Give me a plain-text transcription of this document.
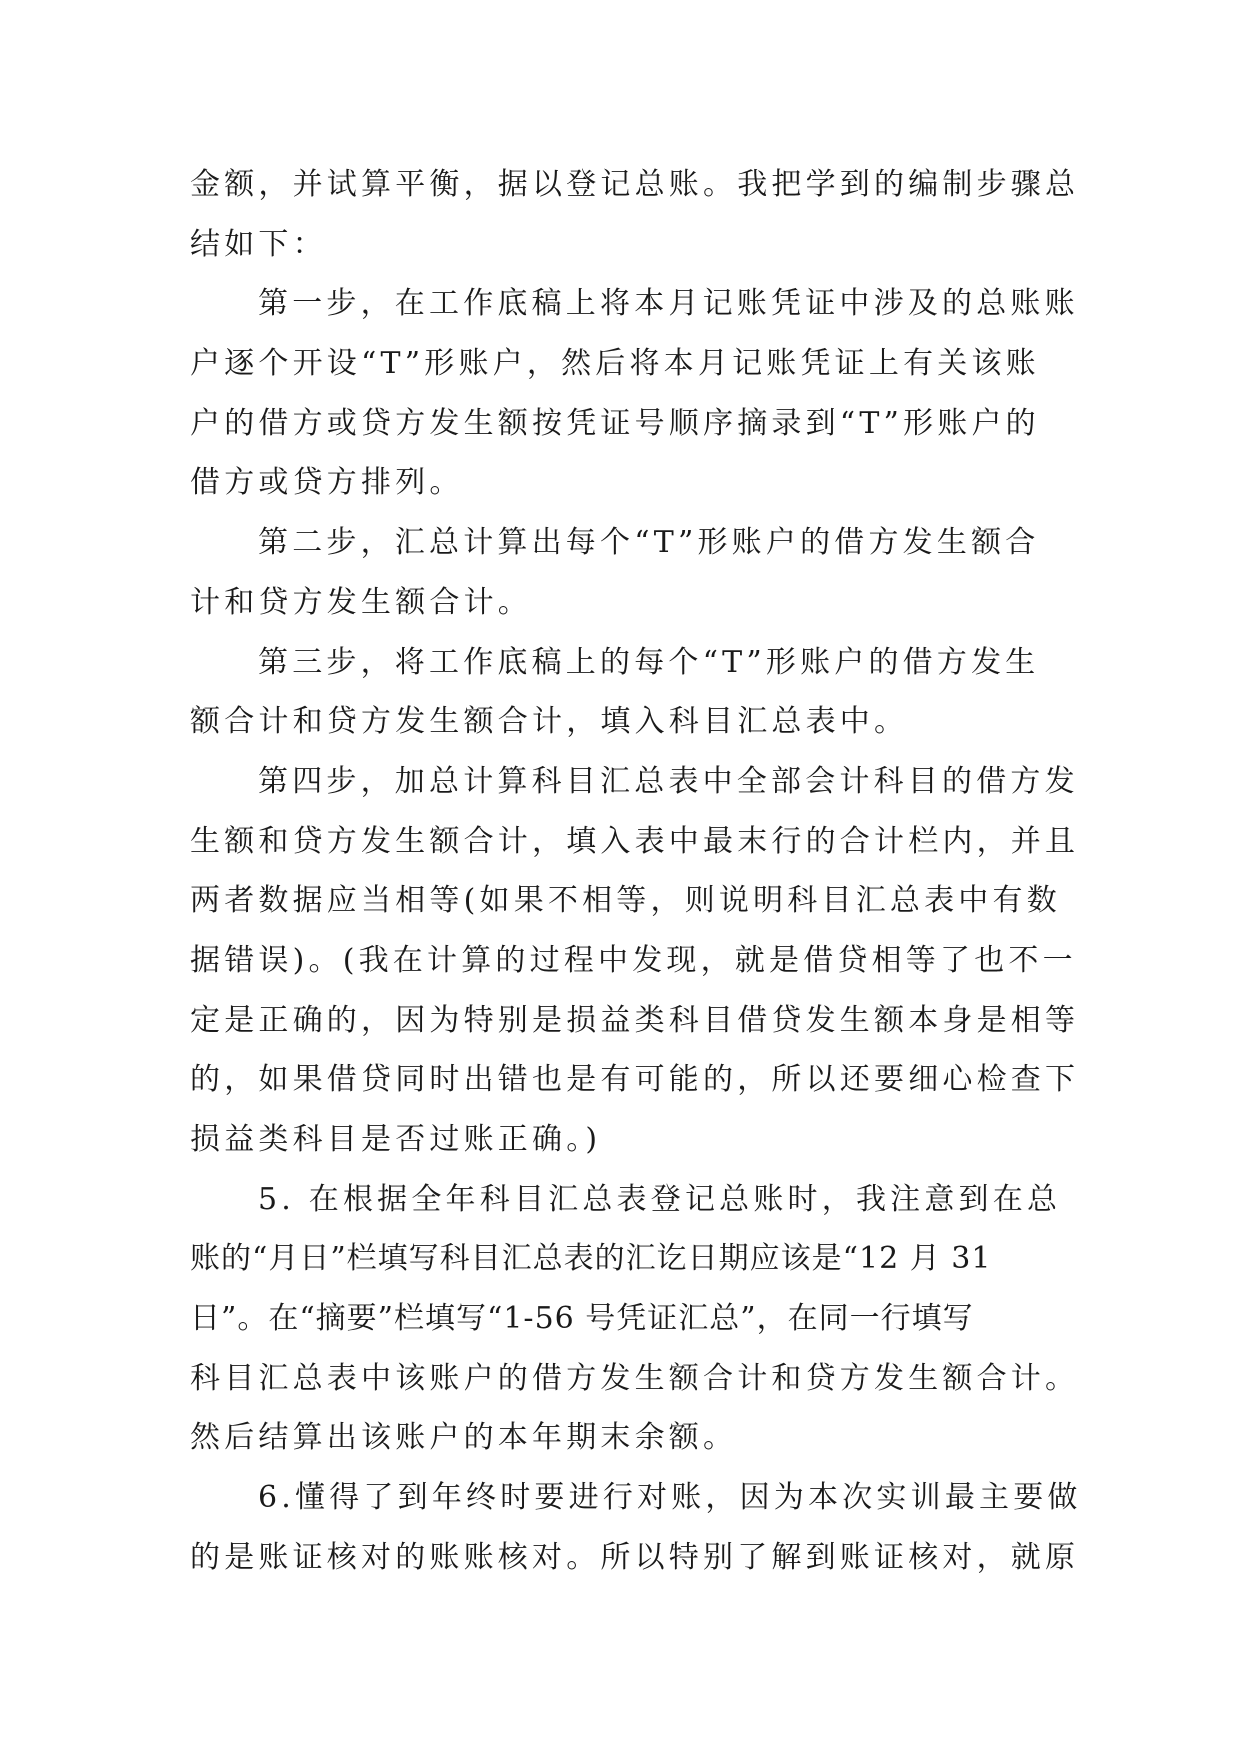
金额，并试算平衡，据以登记总账。我把学到的编制步骤总
结如下：
第一步，在工作底稿上将本月记账凭证中涉及的总账账
户逐个开设“T”形账户，然后将本月记账凭证上有关该账
户的借方或贷方发生额按凭证号顺序摘录到“T”形账户的
借方或贷方排列。
第二步，汇总计算出每个“T”形账户的借方发生额合
计和贷方发生额合计。
第三步，将工作底稿上的每个“T”形账户的借方发生
额合计和贷方发生额合计，填入科目汇总表中。
第四步，加总计算科目汇总表中全部会计科目的借方发
生额和贷方发生额合计，填入表中最末行的合计栏内，并且
两者数据应当相等(如果不相等，则说明科目汇总表中有数
据错误)。(我在计算的过程中发现，就是借贷相等了也不一
定是正确的，因为特别是损益类科目借贷发生额本身是相等
的，如果借贷同时出错也是有可能的，所以还要细心检查下
损益类科目是否过账正确。)
5. 在根据全年科目汇总表登记总账时，我注意到在总
账的“月日”栏填写科目汇总表的汇讫日期应该是“12 月 31
日”。在“摘要”栏填写“1-56 号凭证汇总”，在同一行填写
科目汇总表中该账户的借方发生额合计和贷方发生额合计。
然后结算出该账户的本年期末余额。
6.懂得了到年终时要进行对账，因为本次实训最主要做
的是账证核对的账账核对。所以特别了解到账证核对，就原
